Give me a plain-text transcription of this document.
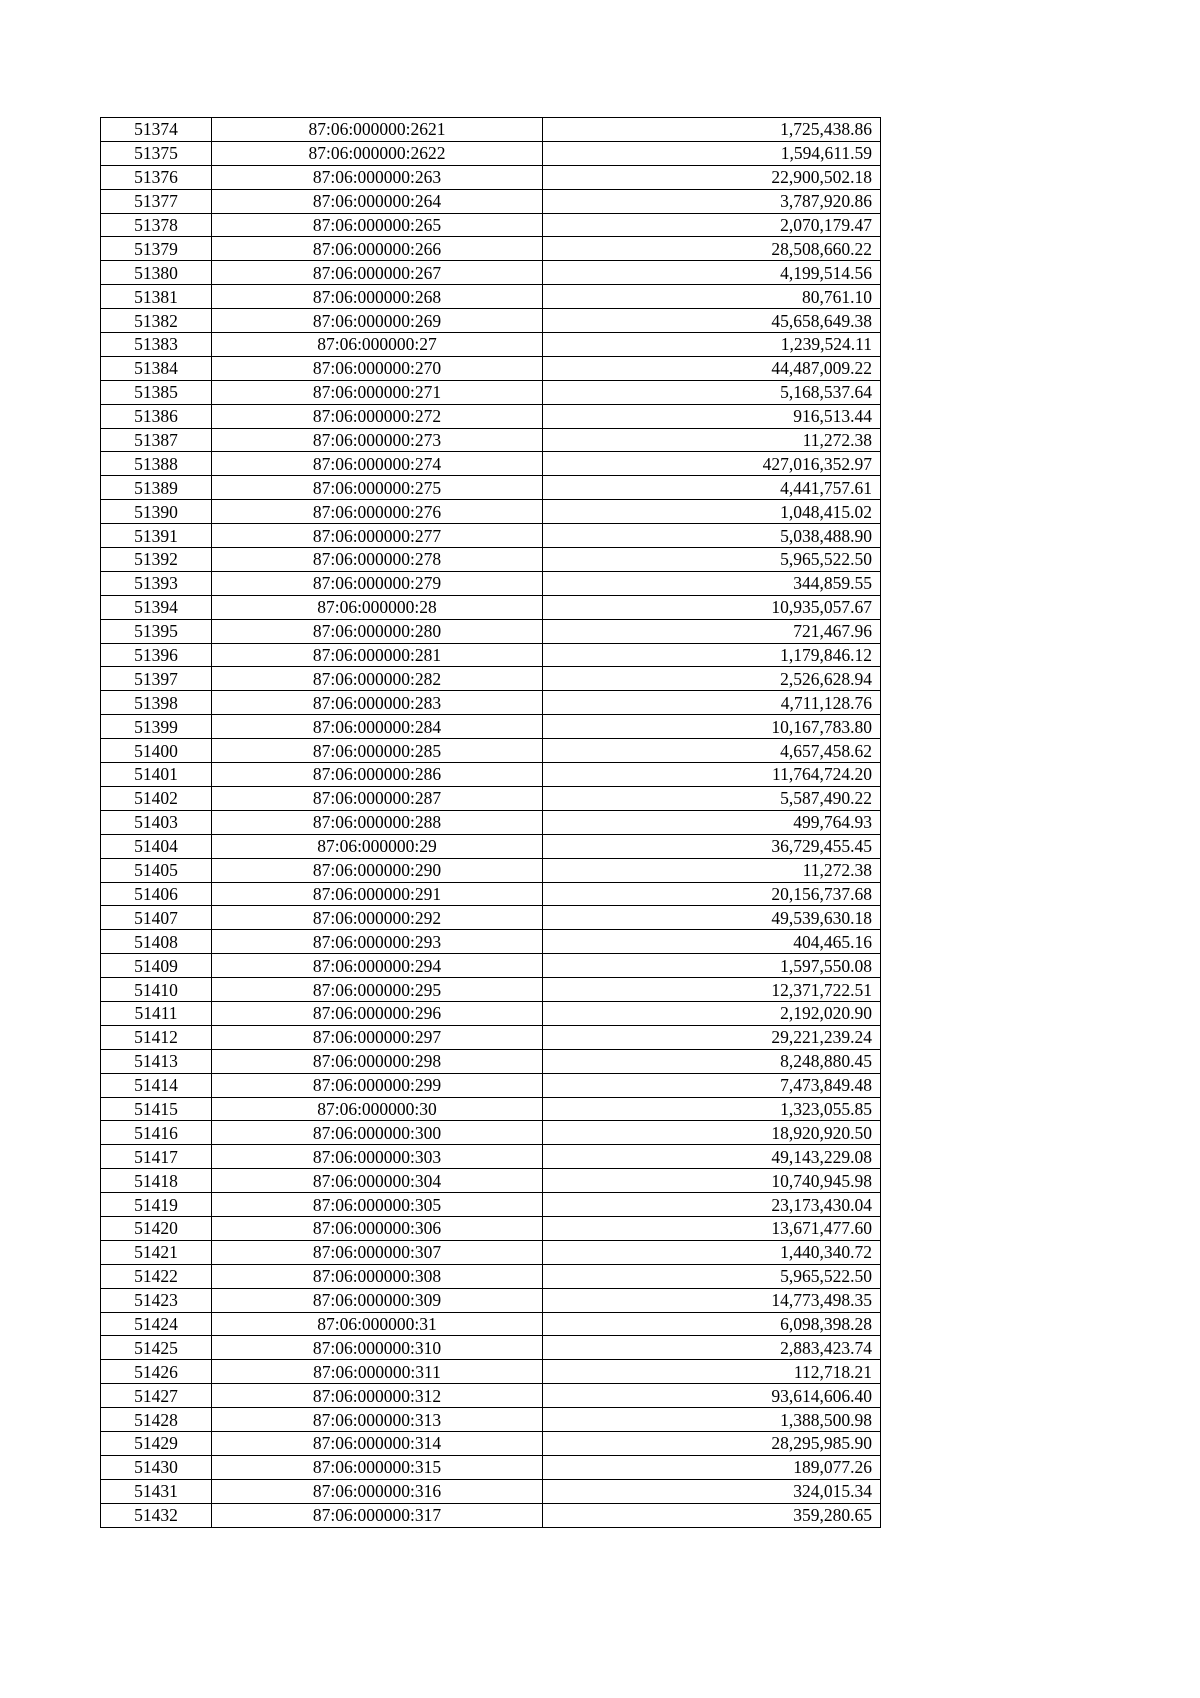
51374	87:06:000000:2621	1,725,438.86
51375	87:06:000000:2622	1,594,611.59
51376	87:06:000000:263	22,900,502.18
51377	87:06:000000:264	3,787,920.86
51378	87:06:000000:265	2,070,179.47
51379	87:06:000000:266	28,508,660.22
51380	87:06:000000:267	4,199,514.56
51381	87:06:000000:268	80,761.10
51382	87:06:000000:269	45,658,649.38
51383	87:06:000000:27	1,239,524.11
51384	87:06:000000:270	44,487,009.22
51385	87:06:000000:271	5,168,537.64
51386	87:06:000000:272	916,513.44
51387	87:06:000000:273	11,272.38
51388	87:06:000000:274	427,016,352.97
51389	87:06:000000:275	4,441,757.61
51390	87:06:000000:276	1,048,415.02
51391	87:06:000000:277	5,038,488.90
51392	87:06:000000:278	5,965,522.50
51393	87:06:000000:279	344,859.55
51394	87:06:000000:28	10,935,057.67
51395	87:06:000000:280	721,467.96
51396	87:06:000000:281	1,179,846.12
51397	87:06:000000:282	2,526,628.94
51398	87:06:000000:283	4,711,128.76
51399	87:06:000000:284	10,167,783.80
51400	87:06:000000:285	4,657,458.62
51401	87:06:000000:286	11,764,724.20
51402	87:06:000000:287	5,587,490.22
51403	87:06:000000:288	499,764.93
51404	87:06:000000:29	36,729,455.45
51405	87:06:000000:290	11,272.38
51406	87:06:000000:291	20,156,737.68
51407	87:06:000000:292	49,539,630.18
51408	87:06:000000:293	404,465.16
51409	87:06:000000:294	1,597,550.08
51410	87:06:000000:295	12,371,722.51
51411	87:06:000000:296	2,192,020.90
51412	87:06:000000:297	29,221,239.24
51413	87:06:000000:298	8,248,880.45
51414	87:06:000000:299	7,473,849.48
51415	87:06:000000:30	1,323,055.85
51416	87:06:000000:300	18,920,920.50
51417	87:06:000000:303	49,143,229.08
51418	87:06:000000:304	10,740,945.98
51419	87:06:000000:305	23,173,430.04
51420	87:06:000000:306	13,671,477.60
51421	87:06:000000:307	1,440,340.72
51422	87:06:000000:308	5,965,522.50
51423	87:06:000000:309	14,773,498.35
51424	87:06:000000:31	6,098,398.28
51425	87:06:000000:310	2,883,423.74
51426	87:06:000000:311	112,718.21
51427	87:06:000000:312	93,614,606.40
51428	87:06:000000:313	1,388,500.98
51429	87:06:000000:314	28,295,985.90
51430	87:06:000000:315	189,077.26
51431	87:06:000000:316	324,015.34
51432	87:06:000000:317	359,280.65
